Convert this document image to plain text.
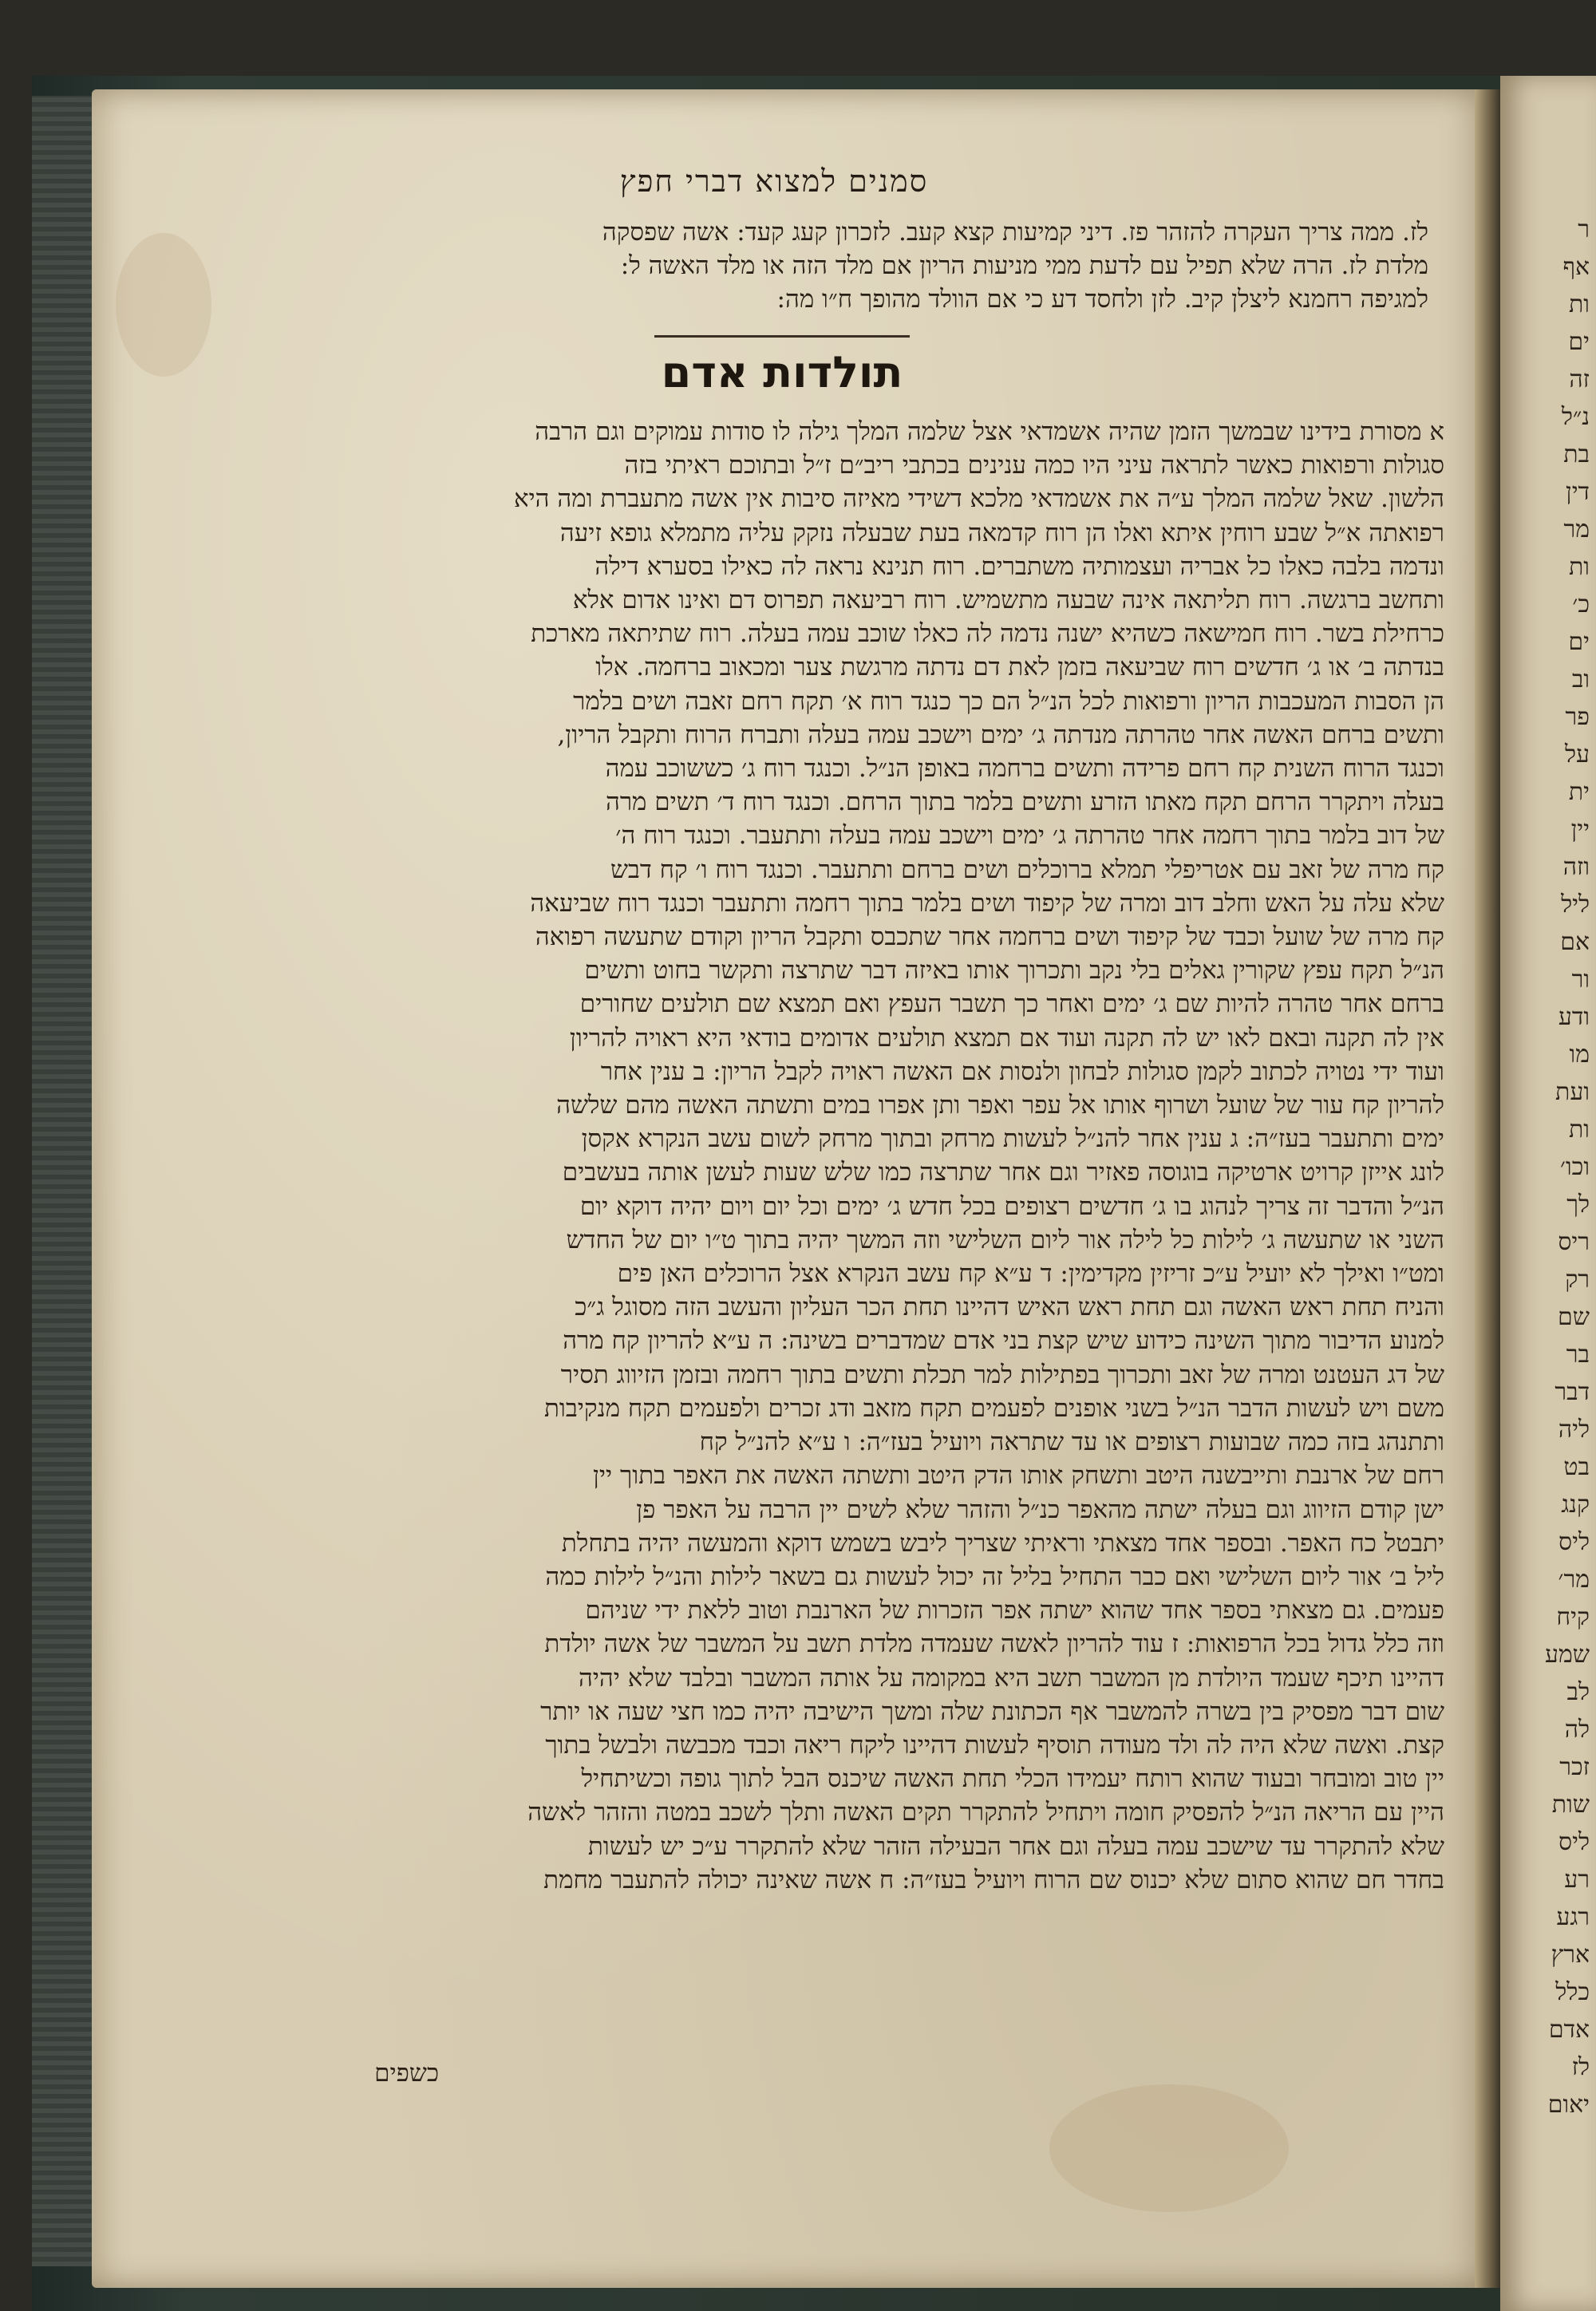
ר
אף
ות
ים
זה
נ״ל
בת
דין
מר
ות
כ׳
ים
וב
פר
על
ית
יין
וזה
ליל
אם
ור
ודע
מו
ועת
ות
וכו׳
לך
ריס
רק
שם
בר
דבר
ליה
בט
קנג
ליס
מר׳
קיח
שמע
לב
לה
זכר
שות
ליס
רע
רגע
ארץ
כלל
אדם
לז
יאום
סמנים למצוא דברי חפץ

לז. ממה צריך העקרה להזהר פז. דיני קמיעות קצא קעב. לזכרון קעג קעד: אשה שפסקה

מלדת לז. הרה שלא תפיל עם לדעת ממי מניעות הריון אם מלד הזה או מלד האשה ל:

למגיפה רחמנא ליצלן קיב. לזן ולחסד דע כי אם הוולד מהופך ח״ו מה:

תולדות אדם

א מסורת בידינו שבמשך הזמן שהיה אשמדאי אצל שלמה המלך גילה לו סודות עמוקים וגם הרבה

סגולות ורפואות כאשר לתראה עיני היו כמה ענינים בכתבי ריב״ם ז״ל ובתוכם ראיתי בזה

הלשון. שאל שלמה המלך ע״ה את אשמדאי מלכא דשידי מאיזה סיבות אין אשה מתעברת ומה היא

רפואתה א״ל שבע רוחין איתא ואלו הן רוח קדמאה בעת שבעלה נזקק עליה מתמלא גופא זיעה

ונדמה בלבה כאלו כל אבריה ועצמותיה משתברים. רוח תנינא נראה לה כאילו בסערא דילה

ותחשב ברגשה. רוח תליתאה אינה שבעה מתשמיש. רוח רביעאה תפרוס דם ואינו אדום אלא

כרחילת בשר. רוח חמישאה כשהיא ישנה נדמה לה כאלו שוכב עמה בעלה. רוח שתיתאה מארכת

בנדתה ב׳ או ג׳ חדשים רוח שביעאה בזמן לאת דם נדתה מרגשת צער ומכאוב ברחמה. אלו

הן הסבות המעכבות הריון ורפואות לכל הנ״ל הם כך כנגד רוח א׳ תקח רחם זאבה ושים בלמר

ותשים ברחם האשה אחר טהרתה מנדתה ג׳ ימים וישכב עמה בעלה ותברח הרוח ותקבל הריון,

וכנגד הרוח השנית קח רחם פרידה ותשים ברחמה באופן הנ״ל. וכנגד רוח ג׳ כששוכב עמה

בעלה ויתקרר הרחם תקח מאתו הזרע ותשים בלמר בתוך הרחם. וכנגד רוח ד׳ תשים מרה

של דוב בלמר בתוך רחמה אחר טהרתה ג׳ ימים וישכב עמה בעלה ותתעבר. וכנגד רוח ה׳

קח מרה של זאב עם אטריפלי תמלא ברוכלים ושים ברחם ותתעבר. וכנגד רוח ו׳ קח דבש

שלא עלה על האש וחלב דוב ומרה של קיפוד ושים בלמר בתוך רחמה ותתעבר וכנגד רוח שביעאה

קח מרה של שועל וכבד של קיפוד ושים ברחמה אחר שתכבס ותקבל הריון וקודם שתעשה רפואה

הנ״ל תקח עפץ שקורין גאלים בלי נקב ותכרוך אותו באיזה דבר שתרצה ותקשר בחוט ותשים

ברחם אחר טהרה להיות שם ג׳ ימים ואחר כך תשבר העפץ ואם תמצא שם תולעים שחורים

אין לה תקנה ובאם לאו יש לה תקנה ועוד אם תמצא תולעים אדומים בודאי היא ראויה להריון

ועוד ידי נטויה לכתוב לקמן סגולות לבחון ולנסות אם האשה ראויה לקבל הריון: ב ענין אחר

להריון קח עור של שועל ושרוף אותו אל עפר ואפר ותן אפרו במים ותשתה האשה מהם שלשה

ימים ותתעבר בעז״ה: ג ענין אחר להנ״ל לעשות מרחק ובתוך מרחק לשום עשב הנקרא אקסן

לונג אייזן קרויט ארטיקה בוגוסה פאזיר וגם אחר שתרצה כמו שלש שעות לעשן אותה בעשבים

הנ״ל והדבר זה צריך לנהוג בו ג׳ חדשים רצופים בכל חדש ג׳ ימים וכל יום ויום יהיה דוקא יום

השני או שתעשה ג׳ לילות כל לילה אור ליום השלישי וזה המשך יהיה בתוך ט״ו יום של החדש

ומט״ו ואילך לא יועיל ע״כ זריזין מקדימין: ד ע״א קח עשב הנקרא אצל הרוכלים האן פים

והניח תחת ראש האשה וגם תחת ראש האיש דהיינו תחת הכר העליון והעשב הזה מסוגל ג״כ

למנוע הדיבור מתוך השינה כידוע שיש קצת בני אדם שמדברים בשינה: ה ע״א להריון קח מרה

של דג העטנט ומרה של זאב ותכרוך בפתילות למר תכלת ותשים בתוך רחמה ובזמן הזיווג תסיר

משם ויש לעשות הדבר הנ״ל בשני אופנים לפעמים תקח מזאב ודג זכרים ולפעמים תקח מנקיבות

ותתנהג בזה כמה שבועות רצופים או עד שתראה ויועיל בעז״ה: ו ע״א להנ״ל קח

רחם של ארנבת ותייבשנה היטב ותשחק אותו הדק היטב ותשתה האשה את האפר בתוך יין

ישן קודם הזיווג וגם בעלה ישתה מהאפר כנ״ל והזהר שלא לשים יין הרבה על האפר פן

יתבטל כח האפר. ובספר אחד מצאתי וראיתי שצריך ליבש בשמש דוקא והמעשה יהיה בתחלת

ליל ב׳ אור ליום השלישי ואם כבר התחיל בליל זה יכול לעשות גם בשאר לילות והנ״ל לילות כמה

פעמים. גם מצאתי בספר אחד שהוא ישתה אפר הזכרות של הארנבת וטוב ללאת ידי שניהם

וזה כלל גדול בכל הרפואות: ז עוד להריון לאשה שעמדה מלדת תשב על המשבר של אשה יולדת

דהיינו תיכף שעמד היולדת מן המשבר תשב היא במקומה על אותה המשבר ובלבד שלא יהיה

שום דבר מפסיק בין בשרה להמשבר אף הכתונת שלה ומשך הישיבה יהיה כמו חצי שעה או יותר

קצת. ואשה שלא היה לה ולד מעודה תוסיף לעשות דהיינו ליקח ריאה וכבד מכבשה ולבשל בתוך

יין טוב ומובחר ובעוד שהוא רותח יעמידו הכלי תחת האשה שיכנס הבל לתוך גופה וכשיתחיל

היין עם הריאה הנ״ל להפסיק חומה ויתחיל להתקרר תקים האשה ותלך לשכב במטה והזהר לאשה

שלא להתקרר עד שישכב עמה בעלה וגם אחר הבעילה הזהר שלא להתקרר ע״כ יש לעשות

בחדר חם שהוא סתום שלא יכנוס שם הרוח ויועיל בעז״ה: ח אשה שאינה יכולה להתעבר מחמת

כשפים
